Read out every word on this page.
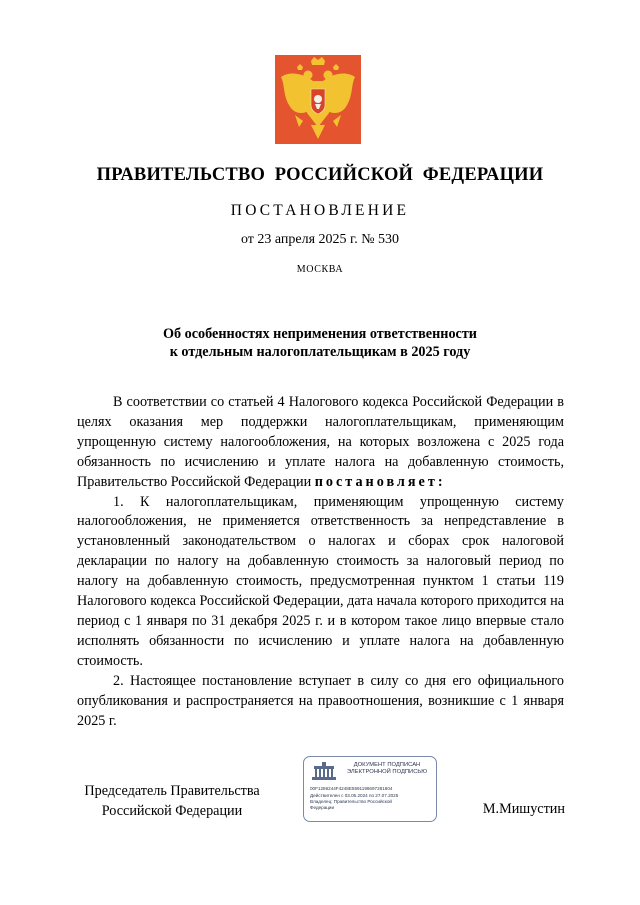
ПРАВИТЕЛЬСТВО  РОССИЙСКОЙ  ФЕДЕРАЦИИ
ПОСТАНОВЛЕНИЕ
от 23 апреля 2025 г. № 530
МОСКВА
Об особенностях неприменения ответственности
к отдельным налогоплательщикам в 2025 году

В соответствии со статьей 4 Налогового кодекса Российской Федерации в целях оказания мер поддержки налогоплательщикам, применяющим упрощенную систему налогообложения, на которых возложена с 2025 года обязанность по исчислению и уплате налога на добавленную стоимость, Правительство Российской Федерации постановляет:

1. К налогоплательщикам, применяющим упрощенную систему налогообложения, не применяется ответственность за непредставление в установленный законодательством о налогах и сборах срок налоговой декларации по налогу на добавленную стоимость за налоговый период по налогу на добавленную стоимость, предусмотренная пунктом 1 статьи 119 Налогового кодекса Российской Федерации, дата начала которого приходится на период с 1 января по 31 декабря 2025 г. и в котором такое лицо впервые стало исполнять обязанности по исчислению и уплате налога на добавленную стоимость.

2. Настоящее постановление вступает в силу со дня его официального опубликования и распространяется на правоотношения, возникшие с 1 января 2025 г.

Председатель Правительства
Российской Федерации
ДОКУМЕНТ ПОДПИСАН
ЭЛЕКТРОННОЙ ПОДПИСЬЮ
00F1286244F4248E5591196697281604
Действителен с 03.05.2024 по 27.07.2025
Владелец: Правительство Российской
Федерации	М.Мишустин
